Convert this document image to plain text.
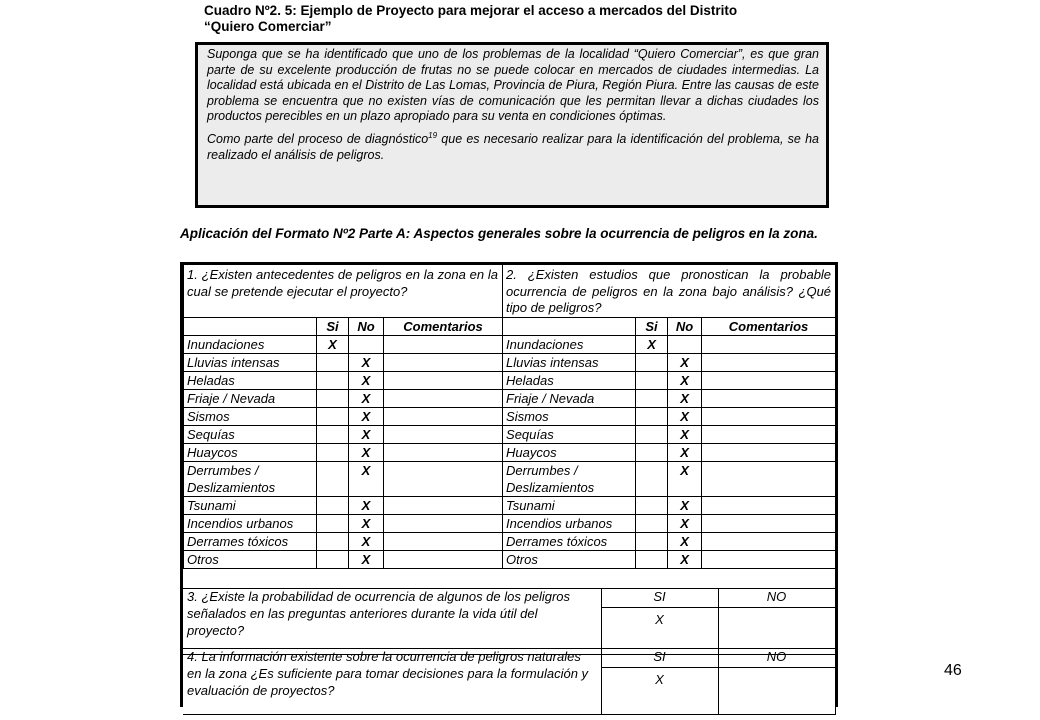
Cuadro Nº2. 5: Ejemplo de Proyecto para mejorar el acceso a mercados del Distrito
“Quiero Comerciar”

Suponga que se ha identificado que uno de los problemas de la localidad “Quiero Comerciar”, es que gran parte de su excelente producción de frutas no se puede colocar en mercados de ciudades intermedias. La localidad está ubicada en el Distrito de Las Lomas, Provincia de Piura, Región Piura. Entre las causas de este problema se encuentra que no existen vías de comunicación que les permitan llevar a dichas ciudades los productos perecibles en un plazo apropiado para su venta en condiciones óptimas.

Como parte del proceso de diagnóstico$^{19}$ que es necesario realizar para la identificación del problema, se ha realizado el análisis de peligros.

Aplicación del Formato Nº2 Parte A: Aspectos generales sobre la ocurrencia de peligros en la zona.
1. ¿Existen antecedentes de peligros en la zona en la cual se pretende ejecutar el proyecto?				2. ¿Existen estudios que pronostican la probable ocurrencia de peligros en la zona bajo análisis? ¿Qué tipo de peligros?			
	Si	No	Comentarios		Si	No	Comentarios
Inundaciones	X			Inundaciones	X		
Lluvias intensas		X		Lluvias intensas		X	
Heladas		X		Heladas		X	
Friaje / Nevada		X		Friaje / Nevada		X	
Sismos		X		Sismos		X	
Sequías		X		Sequías		X	
Huaycos		X		Huaycos		X	
Derrumbes / Deslizamientos		X		Derrumbes / Deslizamientos		X	
Tsunami		X		Tsunami		X	
Incendios urbanos		X		Incendios urbanos		X	
Derrames tóxicos		X		Derrames tóxicos		X	
Otros		X		Otros		X	
3. ¿Existe la probabilidad de ocurrencia de algunos de los peligros señalados en las preguntas anteriores durante la vida útil del proyecto?	SI	NO
	X	
4. La información existente sobre la ocurrencia de peligros naturales en la zona ¿Es suficiente para tomar decisiones para la formulación y evaluación de proyectos?	SI	NO
	X	
46
